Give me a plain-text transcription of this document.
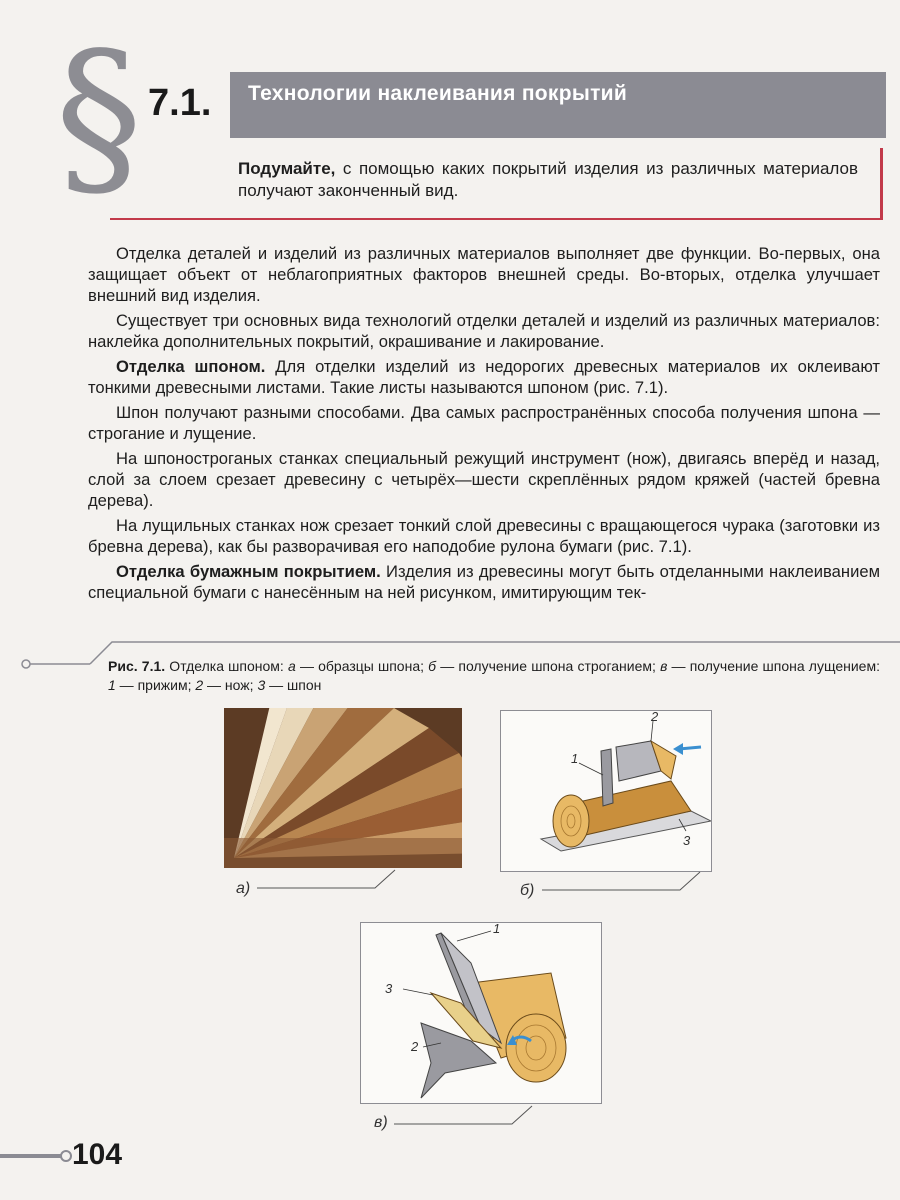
§ 7.1. Технологии наклеивания покрытий
Подумайте, с помощью каких покрытий изделия из различных материалов получают законченный вид.

Отделка деталей и изделий из различных материалов выполняет две функции. Во-первых, она защищает объект от неблагоприятных факторов внешней среды. Во-вторых, отделка улучшает внешний вид изделия.

Существует три основных вида технологий отделки деталей и изделий из различных материалов: наклейка дополнительных покрытий, окрашивание и лакирование.

Отделка шпоном. Для отделки изделий из недорогих древесных материалов их оклеивают тонкими древесными листами. Такие листы называются шпоном (рис. 7.1).

Шпон получают разными способами. Два самых распространённых способа получения шпона — строгание и лущение.

На шпоностроганых станках специальный режущий инструмент (нож), двигаясь вперёд и назад, слой за слоем срезает древесину с четырёх—шести скреплённых рядом кряжей (частей бревна дерева).

На лущильных станках нож срезает тонкий слой древесины с вращающегося чурака (заготовки из бревна дерева), как бы разворачивая его наподобие рулона бумаги (рис. 7.1).

Отделка бумажным покрытием. Изделия из древесины могут быть отделанными наклеиванием специальной бумаги с нанесённым на ней рисунком, имитирующим тек-

Рис. 7.1. Отделка шпоном: а — образцы шпона; б — получение шпона строганием; в — получение шпона лущением: 1 — прижим; 2 — нож; 3 — шпон
а)
1
2
3
б)
1
3
2
в)
104
